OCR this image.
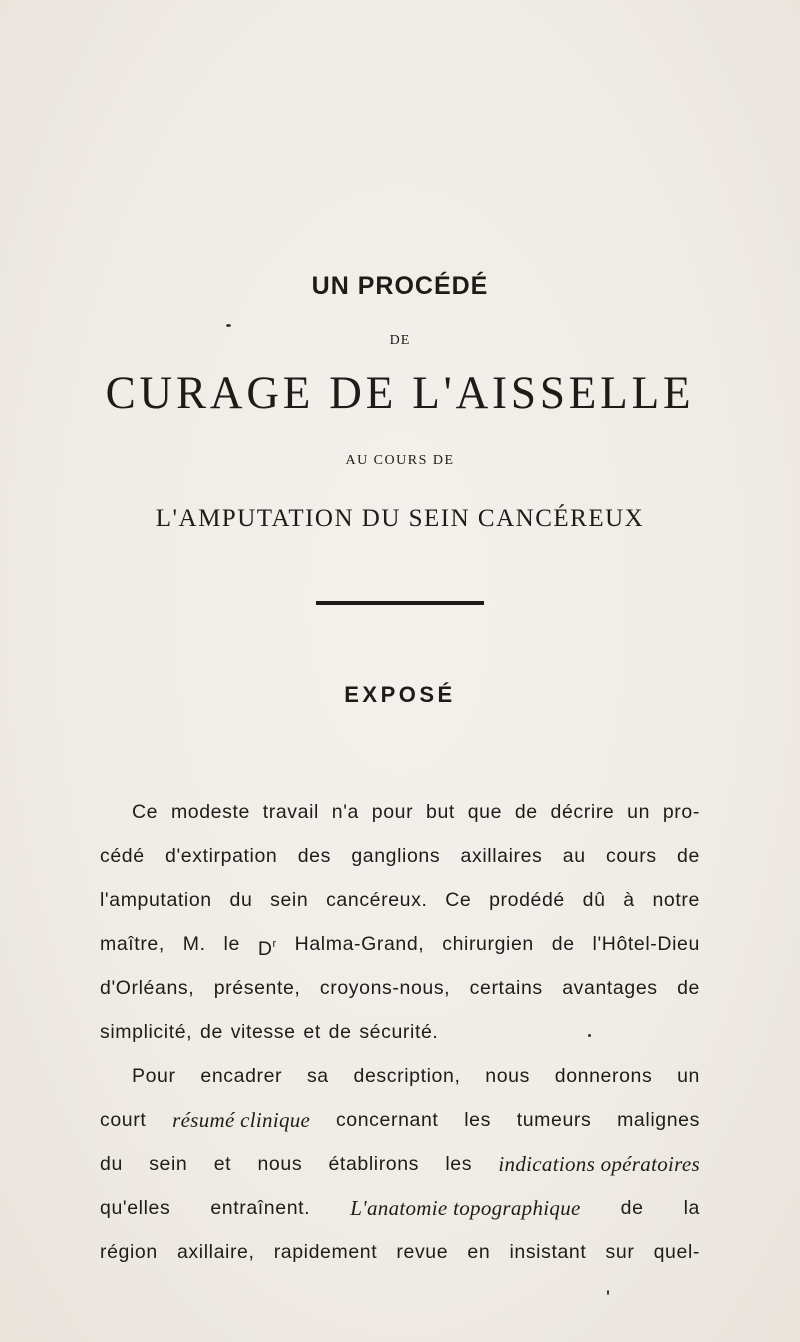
UN PROCÉDÉ
DE
CURAGE DE L'AISSELLE
AU COURS DE
L'AMPUTATION DU SEIN CANCÉREUX
EXPOSÉ
Ce modeste travail n'a pour but que de décrire un pro-
cédé d'extirpation des ganglions axillaires au cours de
l'amputation du sein cancéreux. Ce prodédé dû à notre
maître, M. le $D^r$ Halma-Grand, chirurgien de l'Hôtel-Dieu
d'Orléans, présente, croyons-nous, certains avantages de
simplicité, de vitesse et de sécurité.
Pour encadrer sa description, nous donnerons un
court résumé clinique concernant les tumeurs malignes
du sein et nous établirons les indications opératoires
qu'elles entraînent. L'anatomie topographique de la
région axillaire, rapidement revue en insistant sur quel-
